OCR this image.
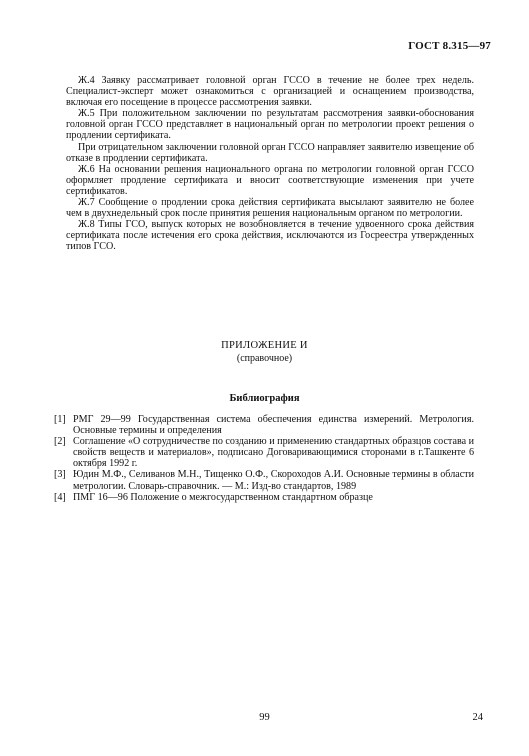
ГОСТ 8.315—97

Ж.4 Заявку рассматривает головной орган ГССО в течение не более трех недель. Специалист-эксперт может ознакомиться с организацией и оснащением производства, включая его посещение в процессе рассмотрения заявки.

Ж.5 При положительном заключении по результатам рассмотрения заявки-обоснования головной орган ГССО представляет в национальный орган по метрологии проект решения о продлении сертификата.

При отрицательном заключении головной орган ГССО направляет заявителю извещение об отказе в продлении сертификата.

Ж.6 На основании решения национального органа по метрологии головной орган ГССО оформляет продление сертификата и вносит соответствующие изменения при учете сертификатов.

Ж.7 Сообщение о продлении срока действия сертификата высылают заявителю не более чем в двухнедельный срок после принятия решения национальным органом по метрологии.

Ж.8 Типы ГСО, выпуск которых не возобновляется в течение удвоенного срока действия сертификата после истечения его срока действия, исключаются из Госреестра утвержденных типов ГСО.

ПРИЛОЖЕНИЕ И
(справочное)
Библиография
[1] РМГ 29—99 Государственная система обеспечения единства измерений. Метрология. Основные термины и определения
[2] Соглашение «О сотрудничестве по созданию и применению стандартных образцов состава и свойств веществ и материалов», подписано Договаривающимися сторонами в г.Ташкенте 6 октября 1992 г.
[3] Юдин М.Ф., Селиванов М.Н., Тищенко О.Ф., Скороходов А.И. Основные термины в области метрологии. Словарь-справочник. — М.: Изд-во стандартов, 1989
[4] ПМГ 16—96 Положение о межгосударственном стандартном образце
99	24
